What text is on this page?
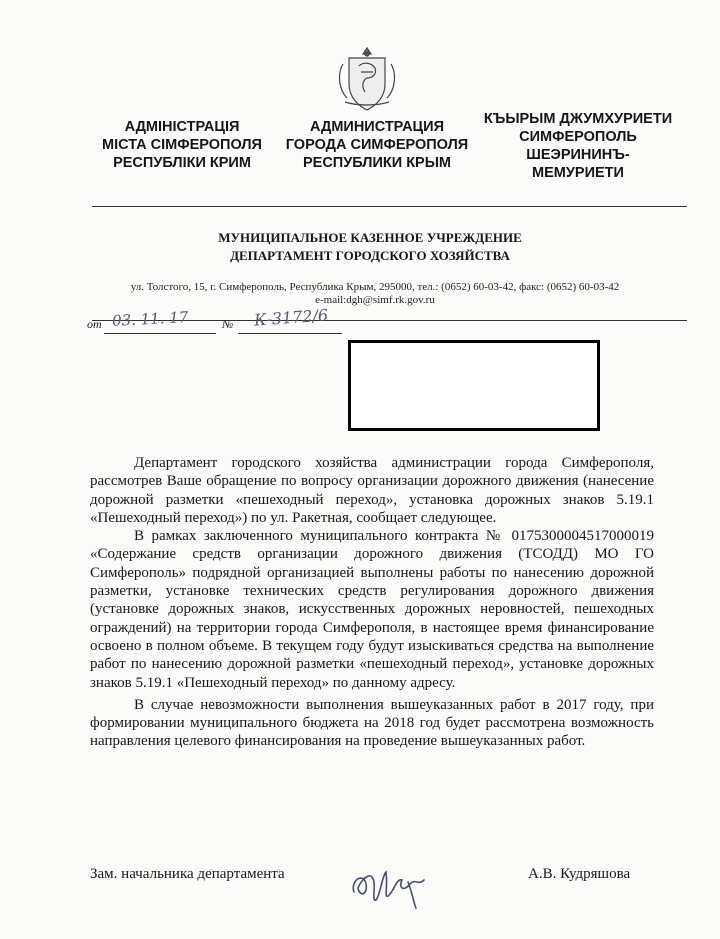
АДМІНІСТРАЦІЯ
МІСТА СІМФЕРОПОЛЯ
РЕСПУБЛІКИ КРИМ
АДМИНИСТРАЦИЯ
ГОРОДА СИМФЕРОПОЛЯ
РЕСПУБЛИКИ КРЫМ
КЪЫРЫМ ДЖУМХУРИЕТИ
СИМФЕРОПОЛЬ
ШЕЭРИНИНЪ-
МЕМУРИЕТИ
МУНИЦИПАЛЬНОЕ КАЗЕННОЕ УЧРЕЖДЕНИЕ
ДЕПАРТАМЕНТ ГОРОДСКОГО ХОЗЯЙСТВА
ул. Толстого, 15, г. Симферополь, Республика Крым, 295000, тел.: (0652) 60-03-42, факс: (0652) 60-03-42
e-mail:dgh@simf.rk.gov.ru
от 03. 11. 17	№ К-3172/6

Департамент городского хозяйства администрации города Симферополя, рассмотрев Ваше обращение по вопросу организации дорожного движения (нанесение дорожной разметки «пешеходный переход», установка дорожных знаков 5.19.1 «Пешеходный переход») по ул. Ракетная, сообщает следующее.

В рамках заключенного муниципального контракта № 0175300004517000019 «Содержание средств организации дорожного движения (ТСОДД) МО ГО Симферополь» подрядной организацией выполнены работы по нанесению дорожной разметки, установке технических средств регулирования дорожного движения (установке дорожных знаков, искусственных дорожных неровностей, пешеходных ограждений) на территории города Симферополя, в настоящее время финансирование освоено в полном объеме. В текущем году будут изыскиваться средства на выполнение работ по нанесению дорожной разметки «пешеходный переход», установке дорожных знаков 5.19.1 «Пешеходный переход» по данному адресу.

В случае невозможности выполнения вышеуказанных работ в 2017 году, при формировании муниципального бюджета на 2018 год будет рассмотрена возможность направления целевого финансирования на проведение вышеуказанных работ.

Зам. начальника департамента	А.В. Кудряшова
